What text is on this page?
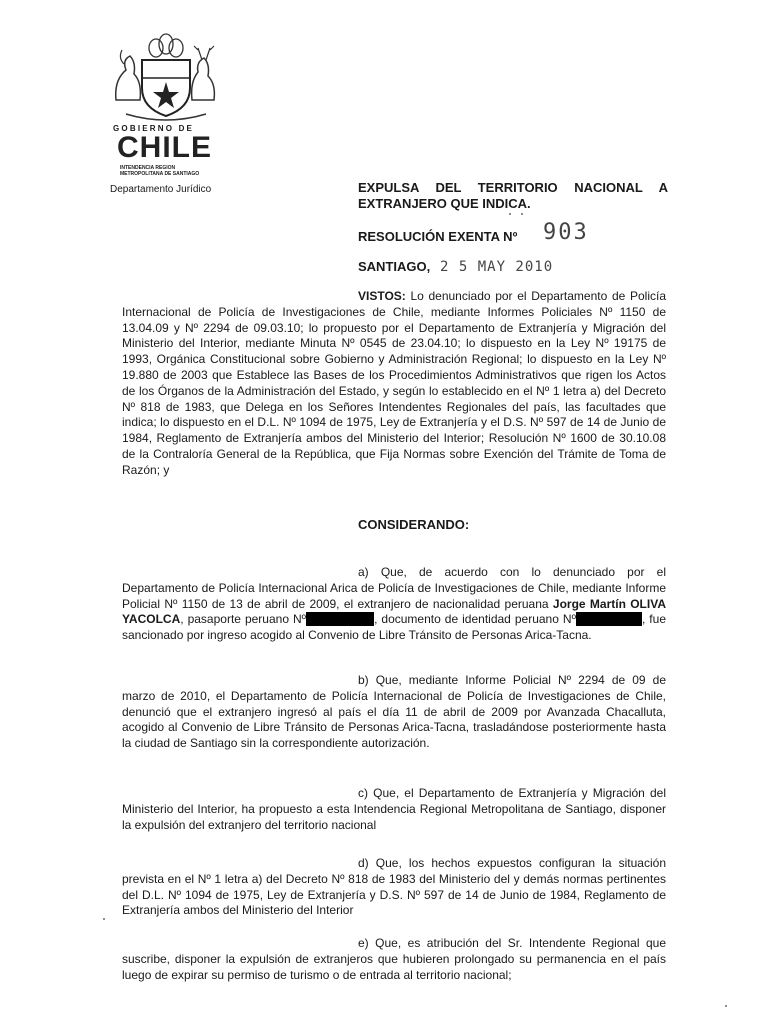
GOBIERNO DE
CHILE
INTENDENCIA REGION
METROPOLITANA DE SANTIAGO
Departamento Jurídico	EXPULSA DEL TERRITORIO NACIONAL A EXTRANJERO QUE INDICA.
RESOLUCIÓN EXENTA Nº 903
SANTIAGO, 2 5 MAY 2010
VISTOS: Lo denunciado por el Departamento de Policía Internacional de Policía de Investigaciones de Chile, mediante Informes Policiales Nº 1150 de 13.04.09 y Nº 2294 de 09.03.10; lo propuesto por el Departamento de Extranjería y Migración del Ministerio del Interior, mediante Minuta Nº 0545 de 23.04.10; lo dispuesto en la Ley Nº 19175 de 1993, Orgánica Constitucional sobre Gobierno y Administración Regional; lo dispuesto en la Ley Nº 19.880 de 2003 que Establece las Bases de los Procedimientos Administrativos que rigen los Actos de los Órganos de la Administración del Estado, y según lo establecido en el Nº 1 letra a) del Decreto Nº 818 de 1983, que Delega en los Señores Intendentes Regionales del país, las facultades que indica; lo dispuesto en el D.L. Nº 1094 de 1975, Ley de Extranjería y el D.S. Nº 597 de 14 de Junio de 1984, Reglamento de Extranjería ambos del Ministerio del Interior; Resolución Nº 1600 de 30.10.08 de la Contraloría General de la República, que Fija Normas sobre Exención del Trámite de Toma de Razón; y
CONSIDERANDO:
a) Que, de acuerdo con lo denunciado por el Departamento de Policía Internacional Arica de Policía de Investigaciones de Chile, mediante Informe Policial Nº 1150 de 13 de abril de 2009, el extranjero de nacionalidad peruana Jorge Martín OLIVA YACOLCA, pasaporte peruano Nº	, documento de identidad peruano Nº	, fue sancionado por ingreso acogido al Convenio de Libre Tránsito de Personas Arica-Tacna.
b) Que, mediante Informe Policial Nº 2294 de 09 de marzo de 2010, el Departamento de Policía Internacional de Policía de Investigaciones de Chile, denunció que el extranjero ingresó al país el día 11 de abril de 2009 por Avanzada Chacalluta, acogido al Convenio de Libre Tránsito de Personas Arica-Tacna, trasladándose posteriormente hasta la ciudad de Santiago sin la correspondiente autorización.
c) Que, el Departamento de Extranjería y Migración del Ministerio del Interior, ha propuesto a esta Intendencia Regional Metropolitana de Santiago, disponer la expulsión del extranjero del territorio nacional
d) Que, los hechos expuestos configuran la situación prevista en el Nº 1 letra a) del Decreto Nº 818 de 1983 del Ministerio del y demás normas pertinentes del D.L. Nº 1094 de 1975, Ley de Extranjería y D.S. Nº 597 de 14 de Junio de 1984, Reglamento de Extranjería ambos del Ministerio del Interior
e) Que, es atribución del Sr. Intendente Regional que suscribe, disponer la expulsión de extranjeros que hubieren prolongado su permanencia en el país luego de expirar su permiso de turismo o de entrada al territorio nacional;
